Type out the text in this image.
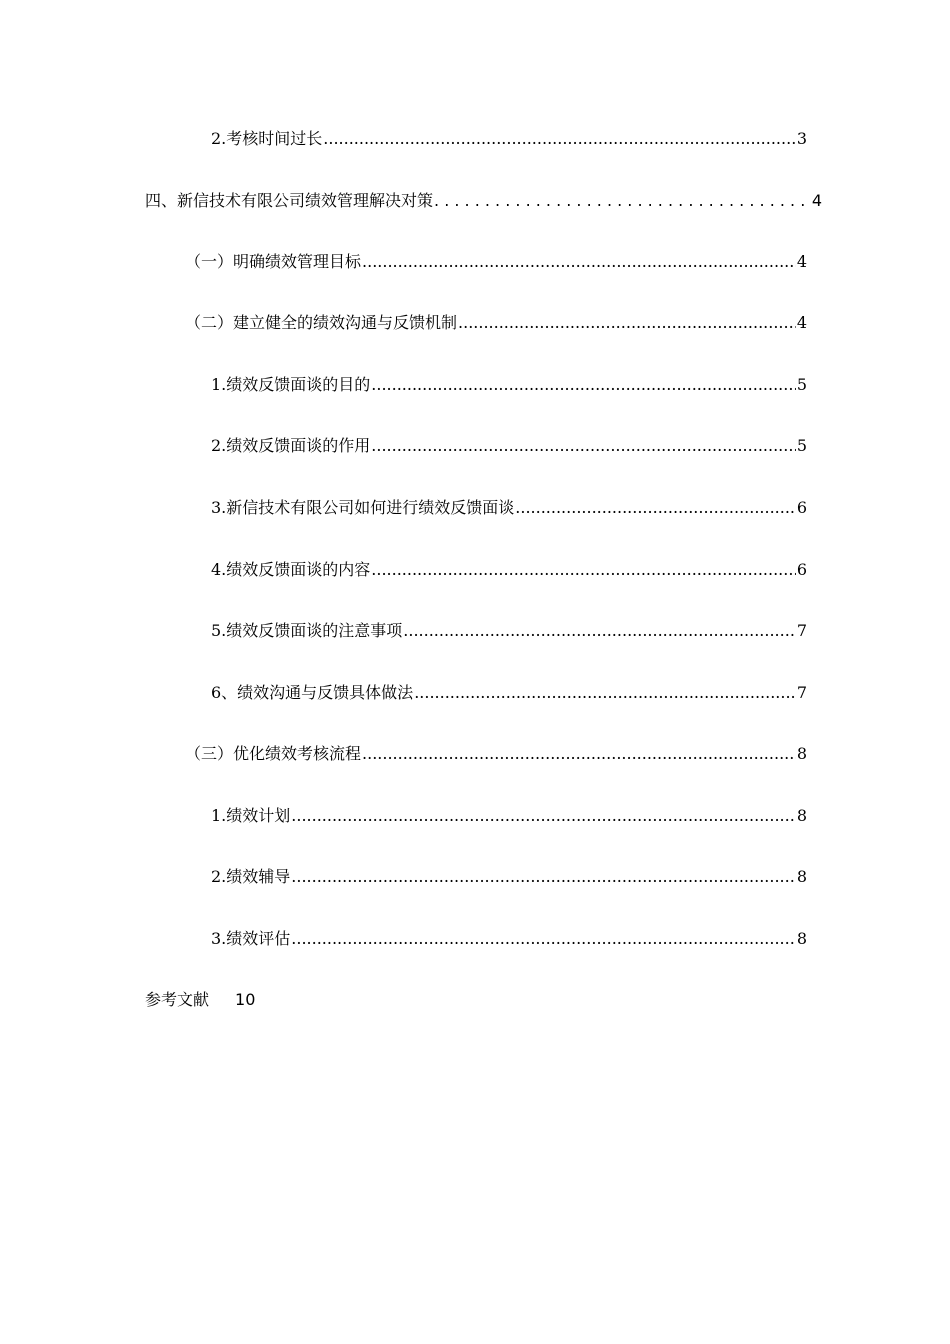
2.考核时间过长 .....	3
四、新信技术有限公司绩效管理解决对策 . . .	4
（一）明确绩效管理目标 .....	4
（二）建立健全的绩效沟通与反馈机制 .....	4
1.绩效反馈面谈的目的 .....	5
2.绩效反馈面谈的作用 .....	5
3.新信技术有限公司如何进行绩效反馈面谈 .....	6
4.绩效反馈面谈的内容 .....	6
5.绩效反馈面谈的注意事项 .....	7
6、绩效沟通与反馈具体做法 .....	7
（三）优化绩效考核流程 .....	8
1.绩效计划 .....	8
2.绩效辅导 .....	8
3.绩效评估 .....	8
参考文献 10
